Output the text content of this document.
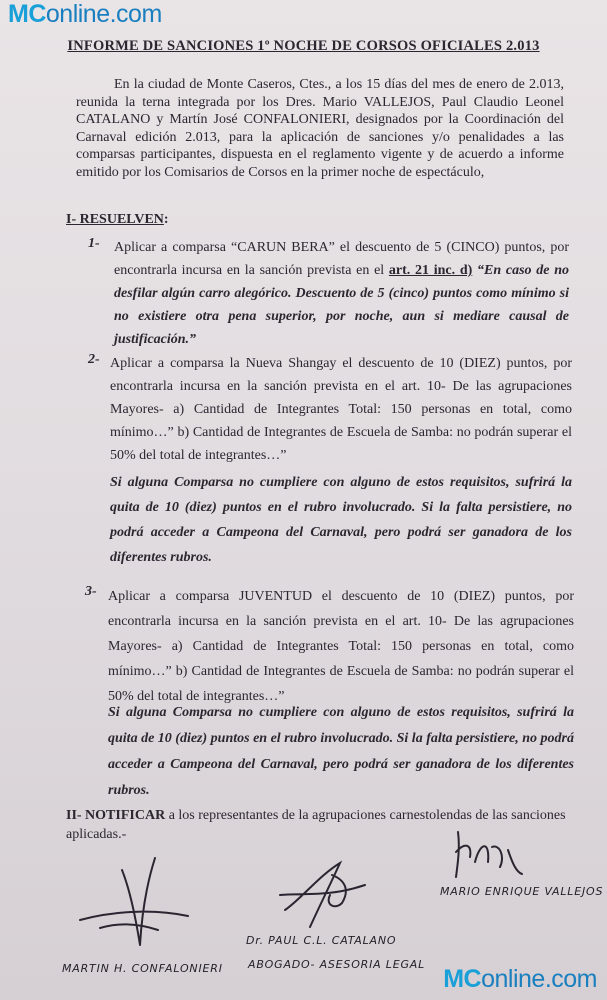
MConline.com
INFORME DE SANCIONES 1º NOCHE DE CORSOS OFICIALES 2.013

En la ciudad de Monte Caseros, Ctes., a los 15 días del mes de enero de 2.013, reunida la terna integrada por los Dres. Mario VALLEJOS, Paul Claudio Leonel CATALANO y Martín José CONFALONIERI, designados por la Coordinación del Carnaval edición 2.013, para la aplicación de sanciones y/o penalidades a las comparsas participantes, dispuesta en el reglamento vigente y de acuerdo a informe emitido por los Comisarios de Corsos en la primer noche de espectáculo,

I- RESUELVEN:

1- Aplicar a comparsa “CARUN BERA” el descuento de 5 (CINCO) puntos, por encontrarla incursa en la sanción prevista en el art. 21 inc. d) “En caso de no desfilar algún carro alegórico. Descuento de 5 (cinco) puntos como mínimo si no existiere otra pena superior, por noche, aun si mediare causal de justificación.”

2- Aplicar a comparsa la Nueva Shangay el descuento de 10 (DIEZ) puntos, por encontrarla incursa en la sanción prevista en el art. 10- De las agrupaciones Mayores- a) Cantidad de Integrantes Total: 150 personas en total, como mínimo…” b) Cantidad de Integrantes de Escuela de Samba: no podrán superar el 50% del total de integrantes…”

Si alguna Comparsa no cumpliere con alguno de estos requisitos, sufrirá la quita de 10 (diez) puntos en el rubro involucrado. Si la falta persistiere, no podrá acceder a Campeona del Carnaval, pero podrá ser ganadora de los diferentes rubros.

3- Aplicar a comparsa JUVENTUD el descuento de 10 (DIEZ) puntos, por encontrarla incursa en la sanción prevista en el art. 10- De las agrupaciones Mayores- a) Cantidad de Integrantes Total: 150 personas en total, como mínimo…” b) Cantidad de Integrantes de Escuela de Samba: no podrán superar el 50% del total de integrantes…”

Si alguna Comparsa no cumpliere con alguno de estos requisitos, sufrirá la quita de 10 (diez) puntos en el rubro involucrado. Si la falta persistiere, no podrá acceder a Campeona del Carnaval, pero podrá ser ganadora de los diferentes rubros.

II- NOTIFICAR a los representantes de la agrupaciones carnestolendas de las sanciones aplicadas.-

MARTIN H. CONFALONIERI
Dr. PAUL C.L. CATALANO
ABOGADO- ASESORIA LEGAL
MARIO ENRIQUE VALLEJOS
MConline.com
